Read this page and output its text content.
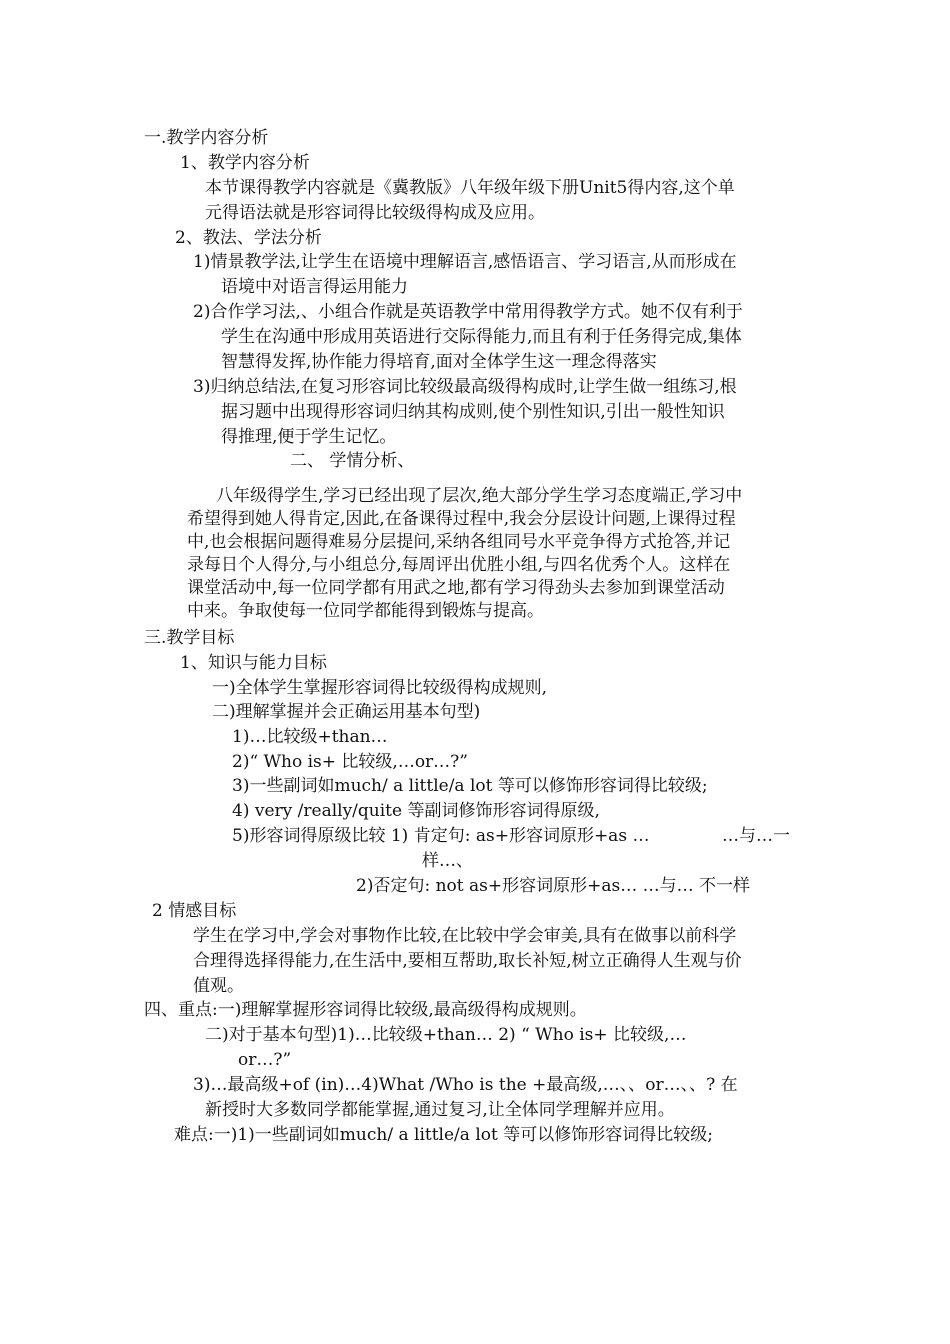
一.教学内容分析
1、教学内容分析
本节课得教学内容就是《冀教版》八年级年级下册Unit5得内容,这个单
元得语法就是形容词得比较级得构成及应用。
2、教法、学法分析
1)情景教学法,让学生在语境中理解语言,感悟语言、学习语言,从而形成在
语境中对语言得运用能力
2)合作学习法,、小组合作就是英语教学中常用得教学方式。她不仅有利于
学生在沟通中形成用英语进行交际得能力,而且有利于任务得完成,集体
智慧得发挥,协作能力得培育,面对全体学生这一理念得落实
3)归纳总结法,在复习形容词比较级最高级得构成时,让学生做一组练习,根
据习题中出现得形容词归纳其构成则,使个别性知识,引出一般性知识
得推理,便于学生记忆。
二、 学情分析、
八年级得学生,学习已经出现了层次,绝大部分学生学习态度端正,学习中
希望得到她人得肯定,因此,在备课得过程中,我会分层设计问题,上课得过程
中,也会根据问题得难易分层提问,采纳各组同号水平竞争得方式抢答,并记
录每日个人得分,与小组总分,每周评出优胜小组,与四名优秀个人。这样在
课堂活动中,每一位同学都有用武之地,都有学习得劲头去参加到课堂活动
中来。争取使每一位同学都能得到锻炼与提高。
三.教学目标
1、知识与能力目标
一)全体学生掌握形容词得比较级得构成规则,
二)理解掌握并会正确运用基本句型)
1)…比较级+than…
2)“ Who is+ 比较级,…or…?”
3)一些副词如much/ a little/a lot 等可以修饰形容词得比较级;
4) very /really/quite 等副词修饰形容词得原级,
5)形容词得原级比较 1) 肯定句: as+形容词原形+as …	…与…一
样…、
2)否定句: not as+形容词原形+as… …与… 不一样
2 情感目标
学生在学习中,学会对事物作比较,在比较中学会审美,具有在做事以前科学
合理得选择得能力,在生活中,要相互帮助,取长补短,树立正确得人生观与价
值观。
四、重点:一)理解掌握形容词得比较级,最高级得构成规则。
二)对于基本句型)1)…比较级+than… 2) “ Who is+ 比较级,…
or…?”
3)…最高级+of (in)…4)What /Who is the +最高级,…、、or…、、? 在
新授时大多数同学都能掌握,通过复习,让全体同学理解并应用。
难点:一)1)一些副词如much/ a little/a lot 等可以修饰形容词得比较级;
